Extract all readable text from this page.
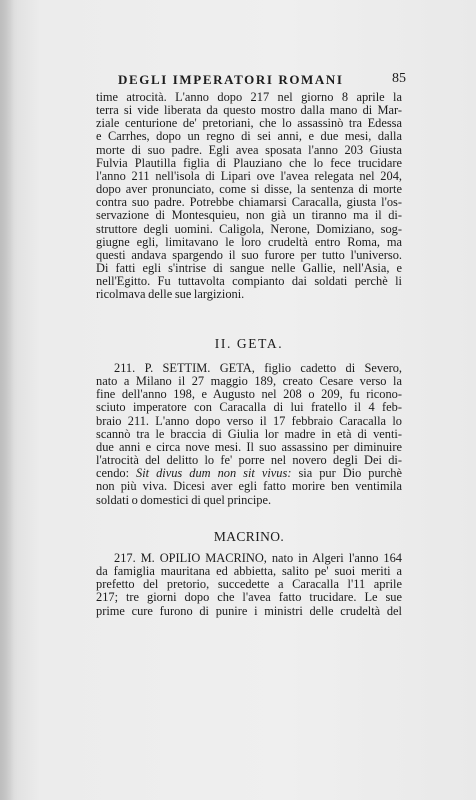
DEGLI IMPERATORI ROMANI	85
time atrocità. L'anno dopo 217 nel giorno 8 aprile la
terra si vide liberata da questo mostro dalla mano di Mar-
ziale centurione de' pretoriani, che lo assassinò tra Edessa
e Carrhes, dopo un regno di sei anni, e due mesi, dalla
morte di suo padre. Egli avea sposata l'anno 203 Giusta
Fulvia Plautilla figlia di Plauziano che lo fece trucidare
l'anno 211 nell'isola di Lipari ove l'avea relegata nel 204,
dopo aver pronunciato, come si disse, la sentenza di morte
contra suo padre. Potrebbe chiamarsi Caracalla, giusta l'os-
servazione di Montesquieu, non già un tiranno ma il di-
struttore degli uomini. Caligola, Nerone, Domiziano, sog-
giugne egli, limitavano le loro crudeltà entro Roma, ma
questi andava spargendo il suo furore per tutto l'universo.
Di fatti egli s'intrise di sangue nelle Gallie, nell'Asia, e
nell'Egitto. Fu tuttavolta compianto dai soldati perchè li
ricolmava delle sue largizioni.
II. GETA.
211. P. SETTIM. GETA, figlio cadetto di Severo,
nato a Milano il 27 maggio 189, creato Cesare verso la
fine dell'anno 198, e Augusto nel 208 o 209, fu ricono-
sciuto imperatore con Caracalla di lui fratello il 4 feb-
braio 211. L'anno dopo verso il 17 febbraio Caracalla lo
scannò tra le braccia di Giulia lor madre in età di venti-
due anni e circa nove mesi. Il suo assassino per diminuire
l'atrocità del delitto lo fe' porre nel novero degli Dei di-
cendo: Sit divus dum non sit vivus: sia pur Dio purchè
non più viva. Dicesi aver egli fatto morire ben ventimila
soldati o domestici di quel principe.
MACRINO.
217. M. OPILIO MACRINO, nato in Algeri l'anno 164
da famiglia mauritana ed abbietta, salito pe' suoi meriti a
prefetto del pretorio, succedette a Caracalla l'11 aprile
217; tre giorni dopo che l'avea fatto trucidare. Le sue
prime cure furono di punire i ministri delle crudeltà del
